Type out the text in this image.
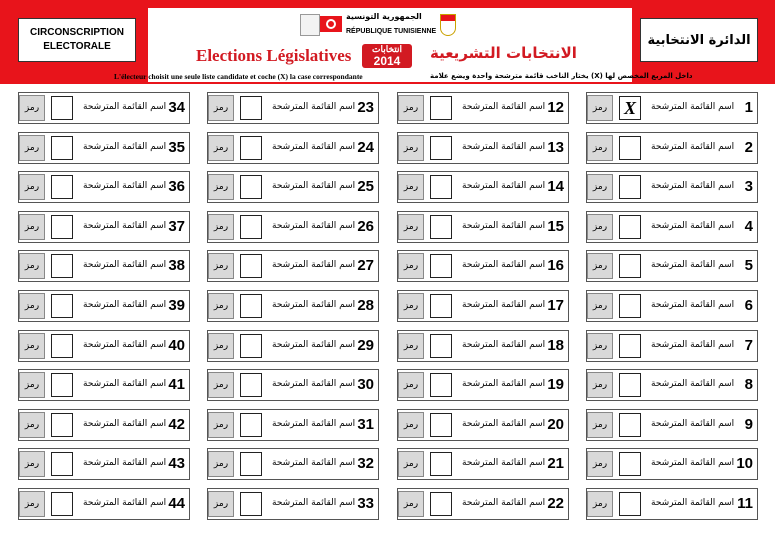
CIRCONSCRIPTION
ELECTORALE
الجمهورية التونسية
RÉPUBLIQUE TUNISIENNE
Elections Législatives	انتخابات
2014	الانتخابات التشريعية
L'électeur choisit une seule liste candidate et coche (X) la case correspondante	يختار الناخب قائمة مترشحة واحدة ويضع علامة (X) داخل المربع المخصص لها
الدائرة الانتخابية
رمز X	اسم القائمة المترشحة 1
رمز	اسم القائمة المترشحة 2
رمز	اسم القائمة المترشحة 3
رمز	اسم القائمة المترشحة 4
رمز	اسم القائمة المترشحة 5
رمز	اسم القائمة المترشحة 6
رمز	اسم القائمة المترشحة 7
رمز	اسم القائمة المترشحة 8
رمز	اسم القائمة المترشحة 9
رمز	اسم القائمة المترشحة 10
رمز	اسم القائمة المترشحة 11
رمز	اسم القائمة المترشحة 12
رمز	اسم القائمة المترشحة 13
رمز	اسم القائمة المترشحة 14
رمز	اسم القائمة المترشحة 15
رمز	اسم القائمة المترشحة 16
رمز	اسم القائمة المترشحة 17
رمز	اسم القائمة المترشحة 18
رمز	اسم القائمة المترشحة 19
رمز	اسم القائمة المترشحة 20
رمز	اسم القائمة المترشحة 21
رمز	اسم القائمة المترشحة 22
رمز	اسم القائمة المترشحة 23
رمز	اسم القائمة المترشحة 24
رمز	اسم القائمة المترشحة 25
رمز	اسم القائمة المترشحة 26
رمز	اسم القائمة المترشحة 27
رمز	اسم القائمة المترشحة 28
رمز	اسم القائمة المترشحة 29
رمز	اسم القائمة المترشحة 30
رمز	اسم القائمة المترشحة 31
رمز	اسم القائمة المترشحة 32
رمز	اسم القائمة المترشحة 33
رمز	اسم القائمة المترشحة 34
رمز	اسم القائمة المترشحة 35
رمز	اسم القائمة المترشحة 36
رمز	اسم القائمة المترشحة 37
رمز	اسم القائمة المترشحة 38
رمز	اسم القائمة المترشحة 39
رمز	اسم القائمة المترشحة 40
رمز	اسم القائمة المترشحة 41
رمز	اسم القائمة المترشحة 42
رمز	اسم القائمة المترشحة 43
رمز	اسم القائمة المترشحة 44
